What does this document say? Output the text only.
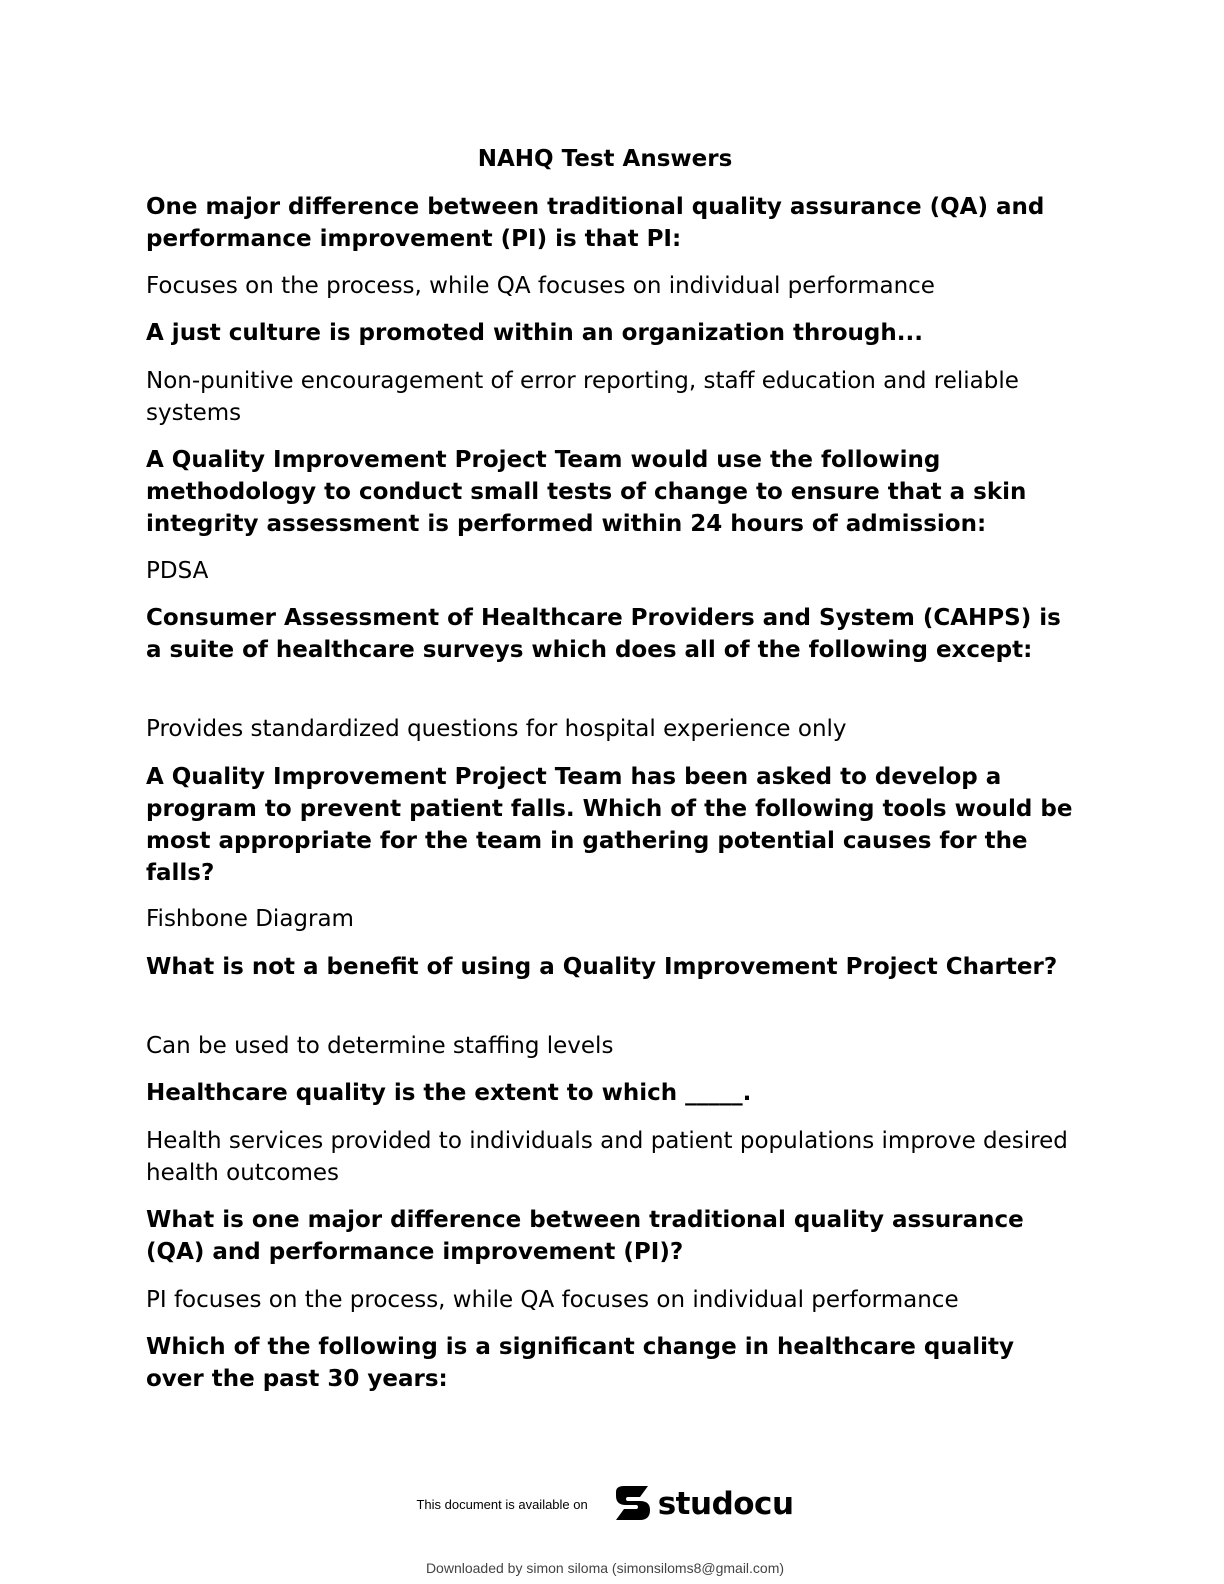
NAHQ Test Answers

One major difference between traditional quality assurance (QA) and performance improvement (PI) is that PI:

Focuses on the process, while QA focuses on individual performance

A just culture is promoted within an organization through...

Non-punitive encouragement of error reporting, staff education and reliable systems

A Quality Improvement Project Team would use the following methodology to conduct small tests of change to ensure that a skin integrity assessment is performed within 24 hours of admission:

PDSA

Consumer Assessment of Healthcare Providers and System (CAHPS) is a suite of healthcare surveys which does all of the following except:

Provides standardized questions for hospital experience only

A Quality Improvement Project Team has been asked to develop a program to prevent patient falls. Which of the following tools would be most appropriate for the team in gathering potential causes for the falls?

Fishbone Diagram

What is not a benefit of using a Quality Improvement Project Charter?

Can be used to determine staffing levels

Healthcare quality is the extent to which _____.

Health services provided to individuals and patient populations improve desired health outcomes

What is one major difference between traditional quality assurance (QA) and performance improvement (PI)?

PI focuses on the process, while QA focuses on individual performance

Which of the following is a significant change in healthcare quality over the past 30 years:

This document is available on studocu
Downloaded by simon siloma (simonsiloms8@gmail.com)
